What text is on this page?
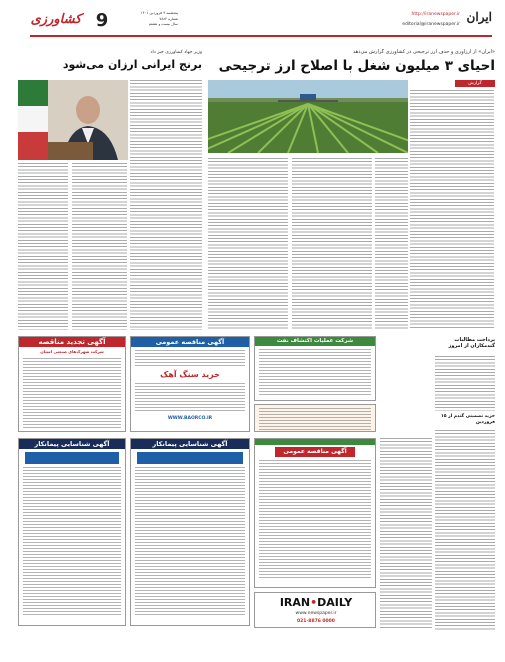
کشاورزی 9	پنجشنبه ۹ فروردین ۱۴۰۱
شماره ۷۸۸۲
سال بیست و هشتم
http://iranewspaper.ir
editorial@iranewspaper.ir
ایران
«ایران» از ارزآوری و حذف ارز ترجیحی در کشاورزی گزارش می‌دهد
احیای ۳ میلیون شغل با اصلاح ارز ترجیحی
گزارش
وزیر جهاد کشاورزی خبر داد
برنج ایرانی ارزان می‌شود
پرداخت مطالبات گندمکاران از امروز
خرید تضمینی گندم از ۱۵ فروردین
آگهی تجدید مناقصه
شرکت شهرک‌های صنعتی استان
آگهی مناقصه عمومی
خرید سنگ آهک
WWW.BAORCO.IR
شرکت عملیات اکتشاف نفت
آگهی شناسایی پیمانکار	آگهی شناسایی پیمانکار
آگهی مناقصه عمومی
IRAN•DAILY
www.newspaper.ir
021-8876 0000
